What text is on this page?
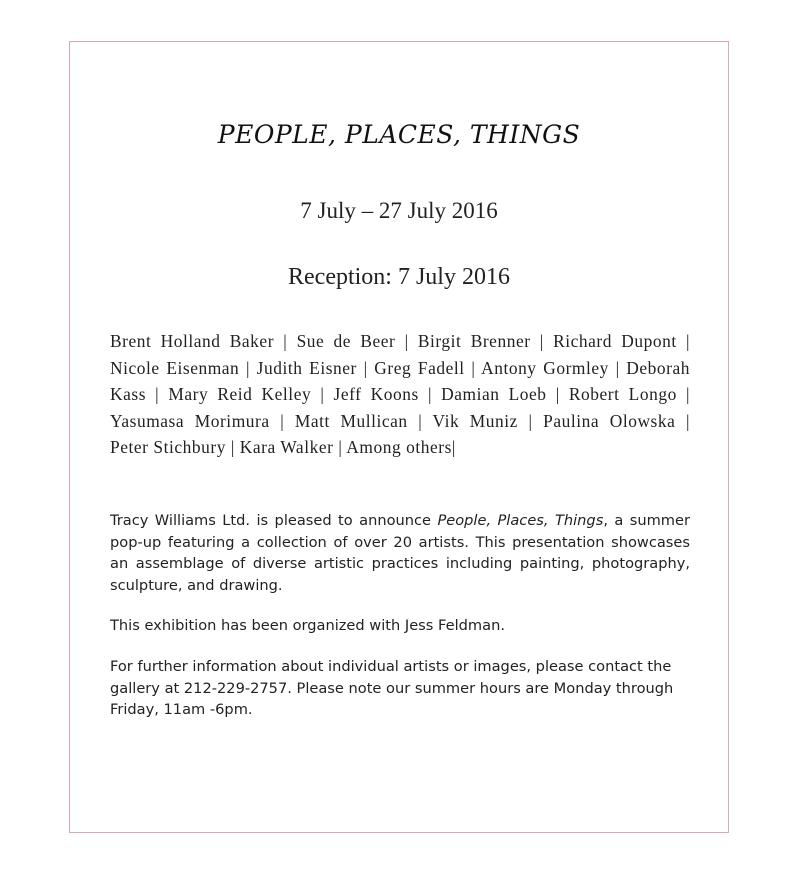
PEOPLE, PLACES, THINGS

7 July – 27 July 2016

Reception: 7 July 2016

Brent Holland Baker | Sue de Beer | Birgit Brenner | Richard Dupont |
Nicole Eisenman | Judith Eisner | Greg Fadell | Antony Gormley | Deborah
Kass | Mary Reid Kelley | Jeff Koons | Damian Loeb | Robert Longo |
Yasumasa Morimura | Matt Mullican | Vik Muniz | Paulina Olowska |
Peter Stichbury | Kara Walker | Among others|

Tracy Williams Ltd. is pleased to announce People, Places, Things, a summer pop-up featuring a collection of over 20 artists. This presentation showcases an assemblage of diverse artistic practices including painting, photography, sculpture, and drawing.

This exhibition has been organized with Jess Feldman.

For further information about individual artists or images, please contact the gallery at 212-229-2757. Please note our summer hours are Monday through Friday, 11am -6pm.
